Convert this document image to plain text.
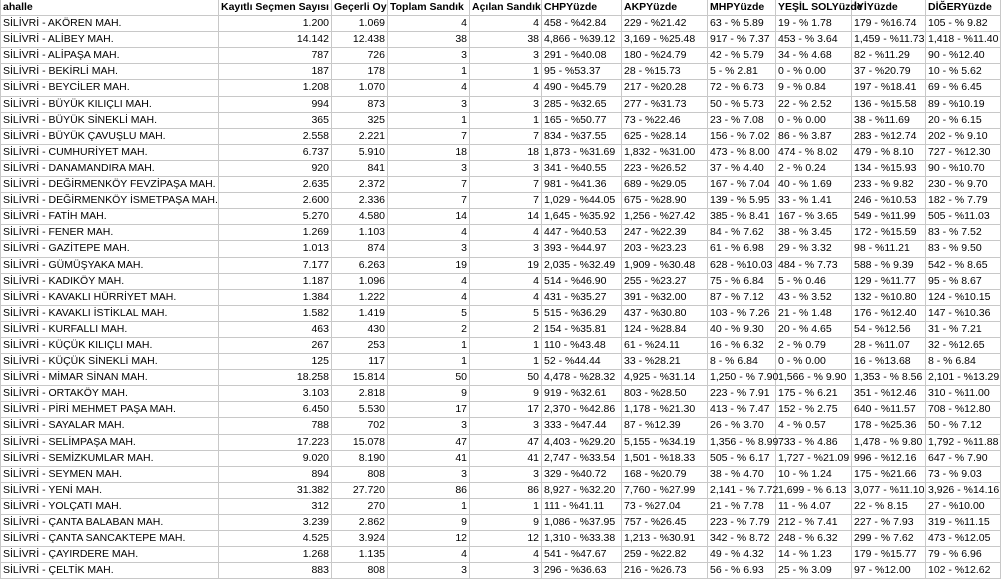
ahalle	Kayıtlı Seçmen Sayısı	Geçerli Oy	Toplam Sandık	Açılan Sandık	CHPYüzde	AKPYüzde	MHPYüzde	YEŞİL SOLYüzde	İYİYüzde	DİĞERYüzde
SİLİVRİ - AKÖREN MAH.	1.200	1.069	4	4	458 - %42.84	229 - %21.42	63 - % 5.89	19 - % 1.78	179 - %16.74	105 - % 9.82
SİLİVRİ - ALİBEY MAH.	14.142	12.438	38	38	4,866 - %39.12	3,169 - %25.48	917 - % 7.37	453 - % 3.64	1,459 - %11.73	1,418 - %11.40
SİLİVRİ - ALİPAŞA MAH.	787	726	3	3	291 - %40.08	180 - %24.79	42 - % 5.79	34 - % 4.68	82 - %11.29	90 - %12.40
SİLİVRİ - BEKİRLİ MAH.	187	178	1	1	95 - %53.37	28 - %15.73	5 - % 2.81	0 - % 0.00	37 - %20.79	10 - % 5.62
SİLİVRİ - BEYCİLER MAH.	1.208	1.070	4	4	490 - %45.79	217 - %20.28	72 - % 6.73	9 - % 0.84	197 - %18.41	69 - % 6.45
SİLİVRİ - BÜYÜK KILIÇLI MAH.	994	873	3	3	285 - %32.65	277 - %31.73	50 - % 5.73	22 - % 2.52	136 - %15.58	89 - %10.19
SİLİVRİ - BÜYÜK SİNEKLİ MAH.	365	325	1	1	165 - %50.77	73 - %22.46	23 - % 7.08	0 - % 0.00	38 - %11.69	20 - % 6.15
SİLİVRİ - BÜYÜK ÇAVUŞLU MAH.	2.558	2.221	7	7	834 - %37.55	625 - %28.14	156 - % 7.02	86 - % 3.87	283 - %12.74	202 - % 9.10
SİLİVRİ - CUMHURİYET MAH.	6.737	5.910	18	18	1,873 - %31.69	1,832 - %31.00	473 - % 8.00	474 - % 8.02	479 - % 8.10	727 - %12.30
SİLİVRİ - DANAMANDIRA MAH.	920	841	3	3	341 - %40.55	223 - %26.52	37 - % 4.40	2 - % 0.24	134 - %15.93	90 - %10.70
SİLİVRİ - DEĞİRMENKÖY FEVZİPAŞA MAH.	2.635	2.372	7	7	981 - %41.36	689 - %29.05	167 - % 7.04	40 - % 1.69	233 - % 9.82	230 - % 9.70
SİLİVRİ - DEĞİRMENKÖY İSMETPAŞA MAH.	2.600	2.336	7	7	1,029 - %44.05	675 - %28.90	139 - % 5.95	33 - % 1.41	246 - %10.53	182 - % 7.79
SİLİVRİ - FATİH MAH.	5.270	4.580	14	14	1,645 - %35.92	1,256 - %27.42	385 - % 8.41	167 - % 3.65	549 - %11.99	505 - %11.03
SİLİVRİ - FENER MAH.	1.269	1.103	4	4	447 - %40.53	247 - %22.39	84 - % 7.62	38 - % 3.45	172 - %15.59	83 - % 7.52
SİLİVRİ - GAZİTEPE MAH.	1.013	874	3	3	393 - %44.97	203 - %23.23	61 - % 6.98	29 - % 3.32	98 - %11.21	83 - % 9.50
SİLİVRİ - GÜMÜŞYAKA MAH.	7.177	6.263	19	19	2,035 - %32.49	1,909 - %30.48	628 - %10.03	484 - % 7.73	588 - % 9.39	542 - % 8.65
SİLİVRİ - KADIKÖY MAH.	1.187	1.096	4	4	514 - %46.90	255 - %23.27	75 - % 6.84	5 - % 0.46	129 - %11.77	95 - % 8.67
SİLİVRİ - KAVAKLI HÜRRİYET MAH.	1.384	1.222	4	4	431 - %35.27	391 - %32.00	87 - % 7.12	43 - % 3.52	132 - %10.80	124 - %10.15
SİLİVRİ - KAVAKLI İSTİKLAL MAH.	1.582	1.419	5	5	515 - %36.29	437 - %30.80	103 - % 7.26	21 - % 1.48	176 - %12.40	147 - %10.36
SİLİVRİ - KURFALLI MAH.	463	430	2	2	154 - %35.81	124 - %28.84	40 - % 9.30	20 - % 4.65	54 - %12.56	31 - % 7.21
SİLİVRİ - KÜÇÜK KILIÇLI MAH.	267	253	1	1	110 - %43.48	61 - %24.11	16 - % 6.32	2 - % 0.79	28 - %11.07	32 - %12.65
SİLİVRİ - KÜÇÜK SİNEKLİ MAH.	125	117	1	1	52 - %44.44	33 - %28.21	8 - % 6.84	0 - % 0.00	16 - %13.68	8 - % 6.84
SİLİVRİ - MİMAR SİNAN MAH.	18.258	15.814	50	50	4,478 - %28.32	4,925 - %31.14	1,250 - % 7.90	1,566 - % 9.90	1,353 - % 8.56	2,101 - %13.29
SİLİVRİ - ORTAKÖY MAH.	3.103	2.818	9	9	919 - %32.61	803 - %28.50	223 - % 7.91	175 - % 6.21	351 - %12.46	310 - %11.00
SİLİVRİ - PİRİ MEHMET PAŞA MAH.	6.450	5.530	17	17	2,370 - %42.86	1,178 - %21.30	413 - % 7.47	152 - % 2.75	640 - %11.57	708 - %12.80
SİLİVRİ - SAYALAR MAH.	788	702	3	3	333 - %47.44	87 - %12.39	26 - % 3.70	4 - % 0.57	178 - %25.36	50 - % 7.12
SİLİVRİ - SELİMPAŞA MAH.	17.223	15.078	47	47	4,403 - %29.20	5,155 - %34.19	1,356 - % 8.99	733 - % 4.86	1,478 - % 9.80	1,792 - %11.88
SİLİVRİ - SEMİZKUMLAR MAH.	9.020	8.190	41	41	2,747 - %33.54	1,501 - %18.33	505 - % 6.17	1,727 - %21.09	996 - %12.16	647 - % 7.90
SİLİVRİ - SEYMEN MAH.	894	808	3	3	329 - %40.72	168 - %20.79	38 - % 4.70	10 - % 1.24	175 - %21.66	73 - % 9.03
SİLİVRİ - YENİ MAH.	31.382	27.720	86	86	8,927 - %32.20	7,760 - %27.99	2,141 - % 7.72	1,699 - % 6.13	3,077 - %11.10	3,926 - %14.16
SİLİVRİ - YOLÇATI MAH.	312	270	1	1	111 - %41.11	73 - %27.04	21 - % 7.78	11 - % 4.07	22 - % 8.15	27 - %10.00
SİLİVRİ - ÇANTA BALABAN MAH.	3.239	2.862	9	9	1,086 - %37.95	757 - %26.45	223 - % 7.79	212 - % 7.41	227 - % 7.93	319 - %11.15
SİLİVRİ - ÇANTA SANCAKTEPE MAH.	4.525	3.924	12	12	1,310 - %33.38	1,213 - %30.91	342 - % 8.72	248 - % 6.32	299 - % 7.62	473 - %12.05
SİLİVRİ - ÇAYIRDERE MAH.	1.268	1.135	4	4	541 - %47.67	259 - %22.82	49 - % 4.32	14 - % 1.23	179 - %15.77	79 - % 6.96
SİLİVRİ - ÇELTİK MAH.	883	808	3	3	296 - %36.63	216 - %26.73	56 - % 6.93	25 - % 3.09	97 - %12.00	102 - %12.62
